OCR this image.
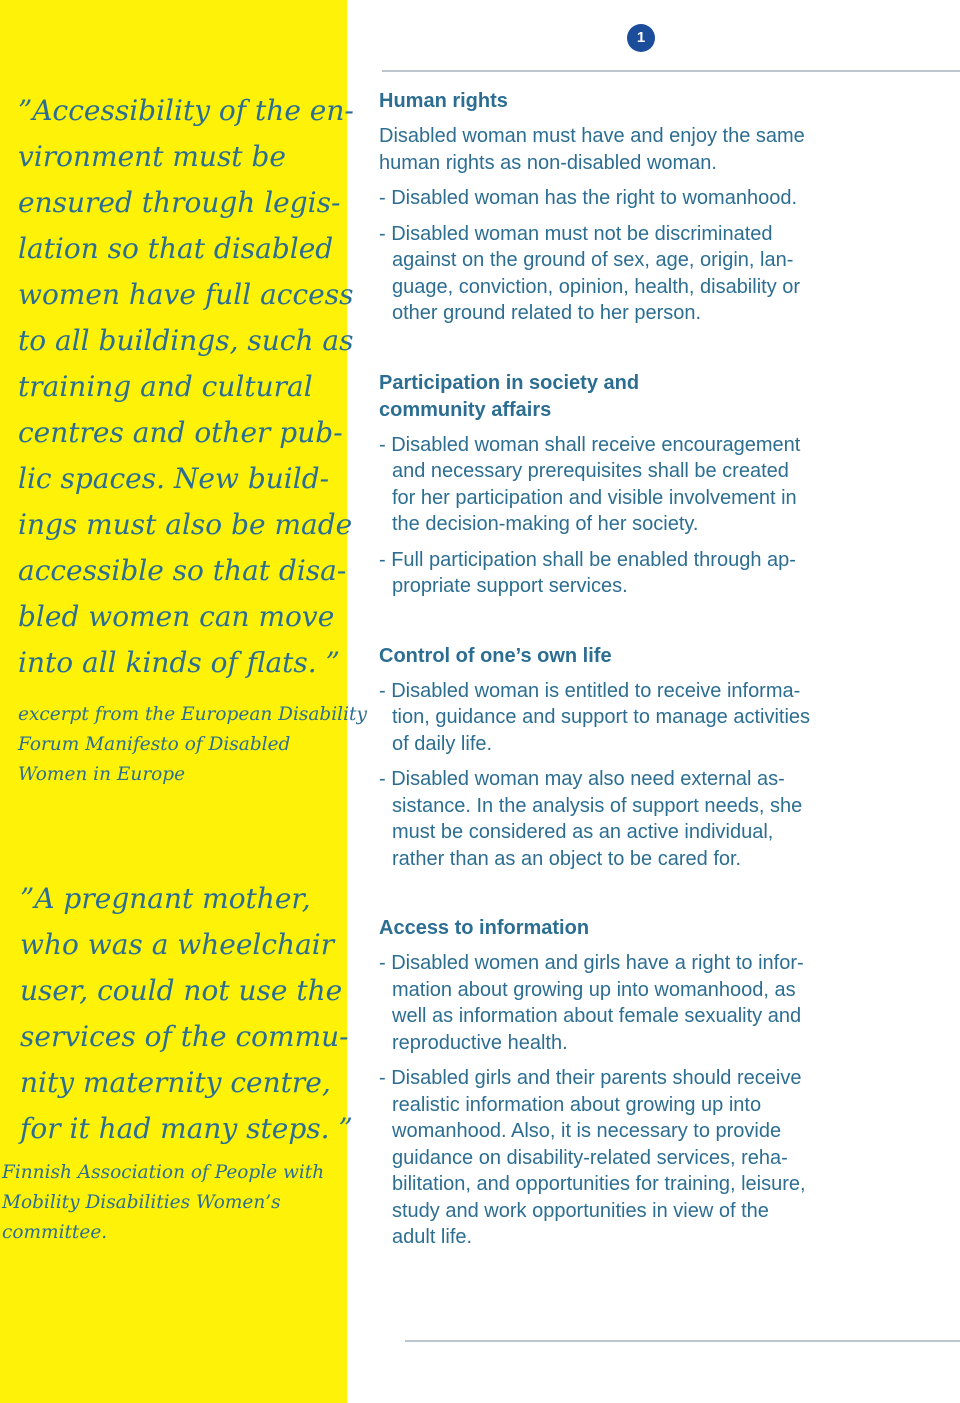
”Accessibility of the en-
vironment must be
ensured through legis-
lation so that disabled
women have full access
to all buildings, such as
training and cultural
centres and other pub-
lic spaces. New build-
ings must also be made
accessible so that disa-
bled women can move
into all kinds of flats. ”

excerpt from the European Disability
Forum Manifesto of Disabled
Women in Europe

”A pregnant mother,
who was a wheelchair
user, could not use the
services of the commu-
nity maternity centre,
for it had many steps. ”

Finnish Association of People with
Mobility Disabilities Women’s
committee.

1

Human rights

Disabled woman must have and enjoy the same
human rights as non-disabled woman.

- Disabled woman has the right to womanhood.

- Disabled woman must not be discriminated
against on the ground of sex, age, origin, lan-
guage, conviction, opinion, health, disability or
other ground related to her person.

Participation in society and
community affairs

- Disabled woman shall receive encouragement
and necessary prerequisites shall be created
for her participation and visible involvement in
the decision-making of her society.

- Full participation shall be enabled through ap-
propriate support services.

Control of one’s own life

- Disabled woman is entitled to receive informa-
tion, guidance and support to manage activities
of daily life.

- Disabled woman may also need external as-
sistance. In the analysis of support needs, she
must be considered as an active individual,
rather than as an object to be cared for.

Access to information

- Disabled women and girls have a right to infor-
mation about growing up into womanhood, as
well as information about female sexuality and
reproductive health.

- Disabled girls and their parents should receive
realistic information about growing up into
womanhood. Also, it is necessary to provide
guidance on disability-related services, reha-
bilitation, and opportunities for training, leisure,
study and work opportunities in view of the
adult life.
